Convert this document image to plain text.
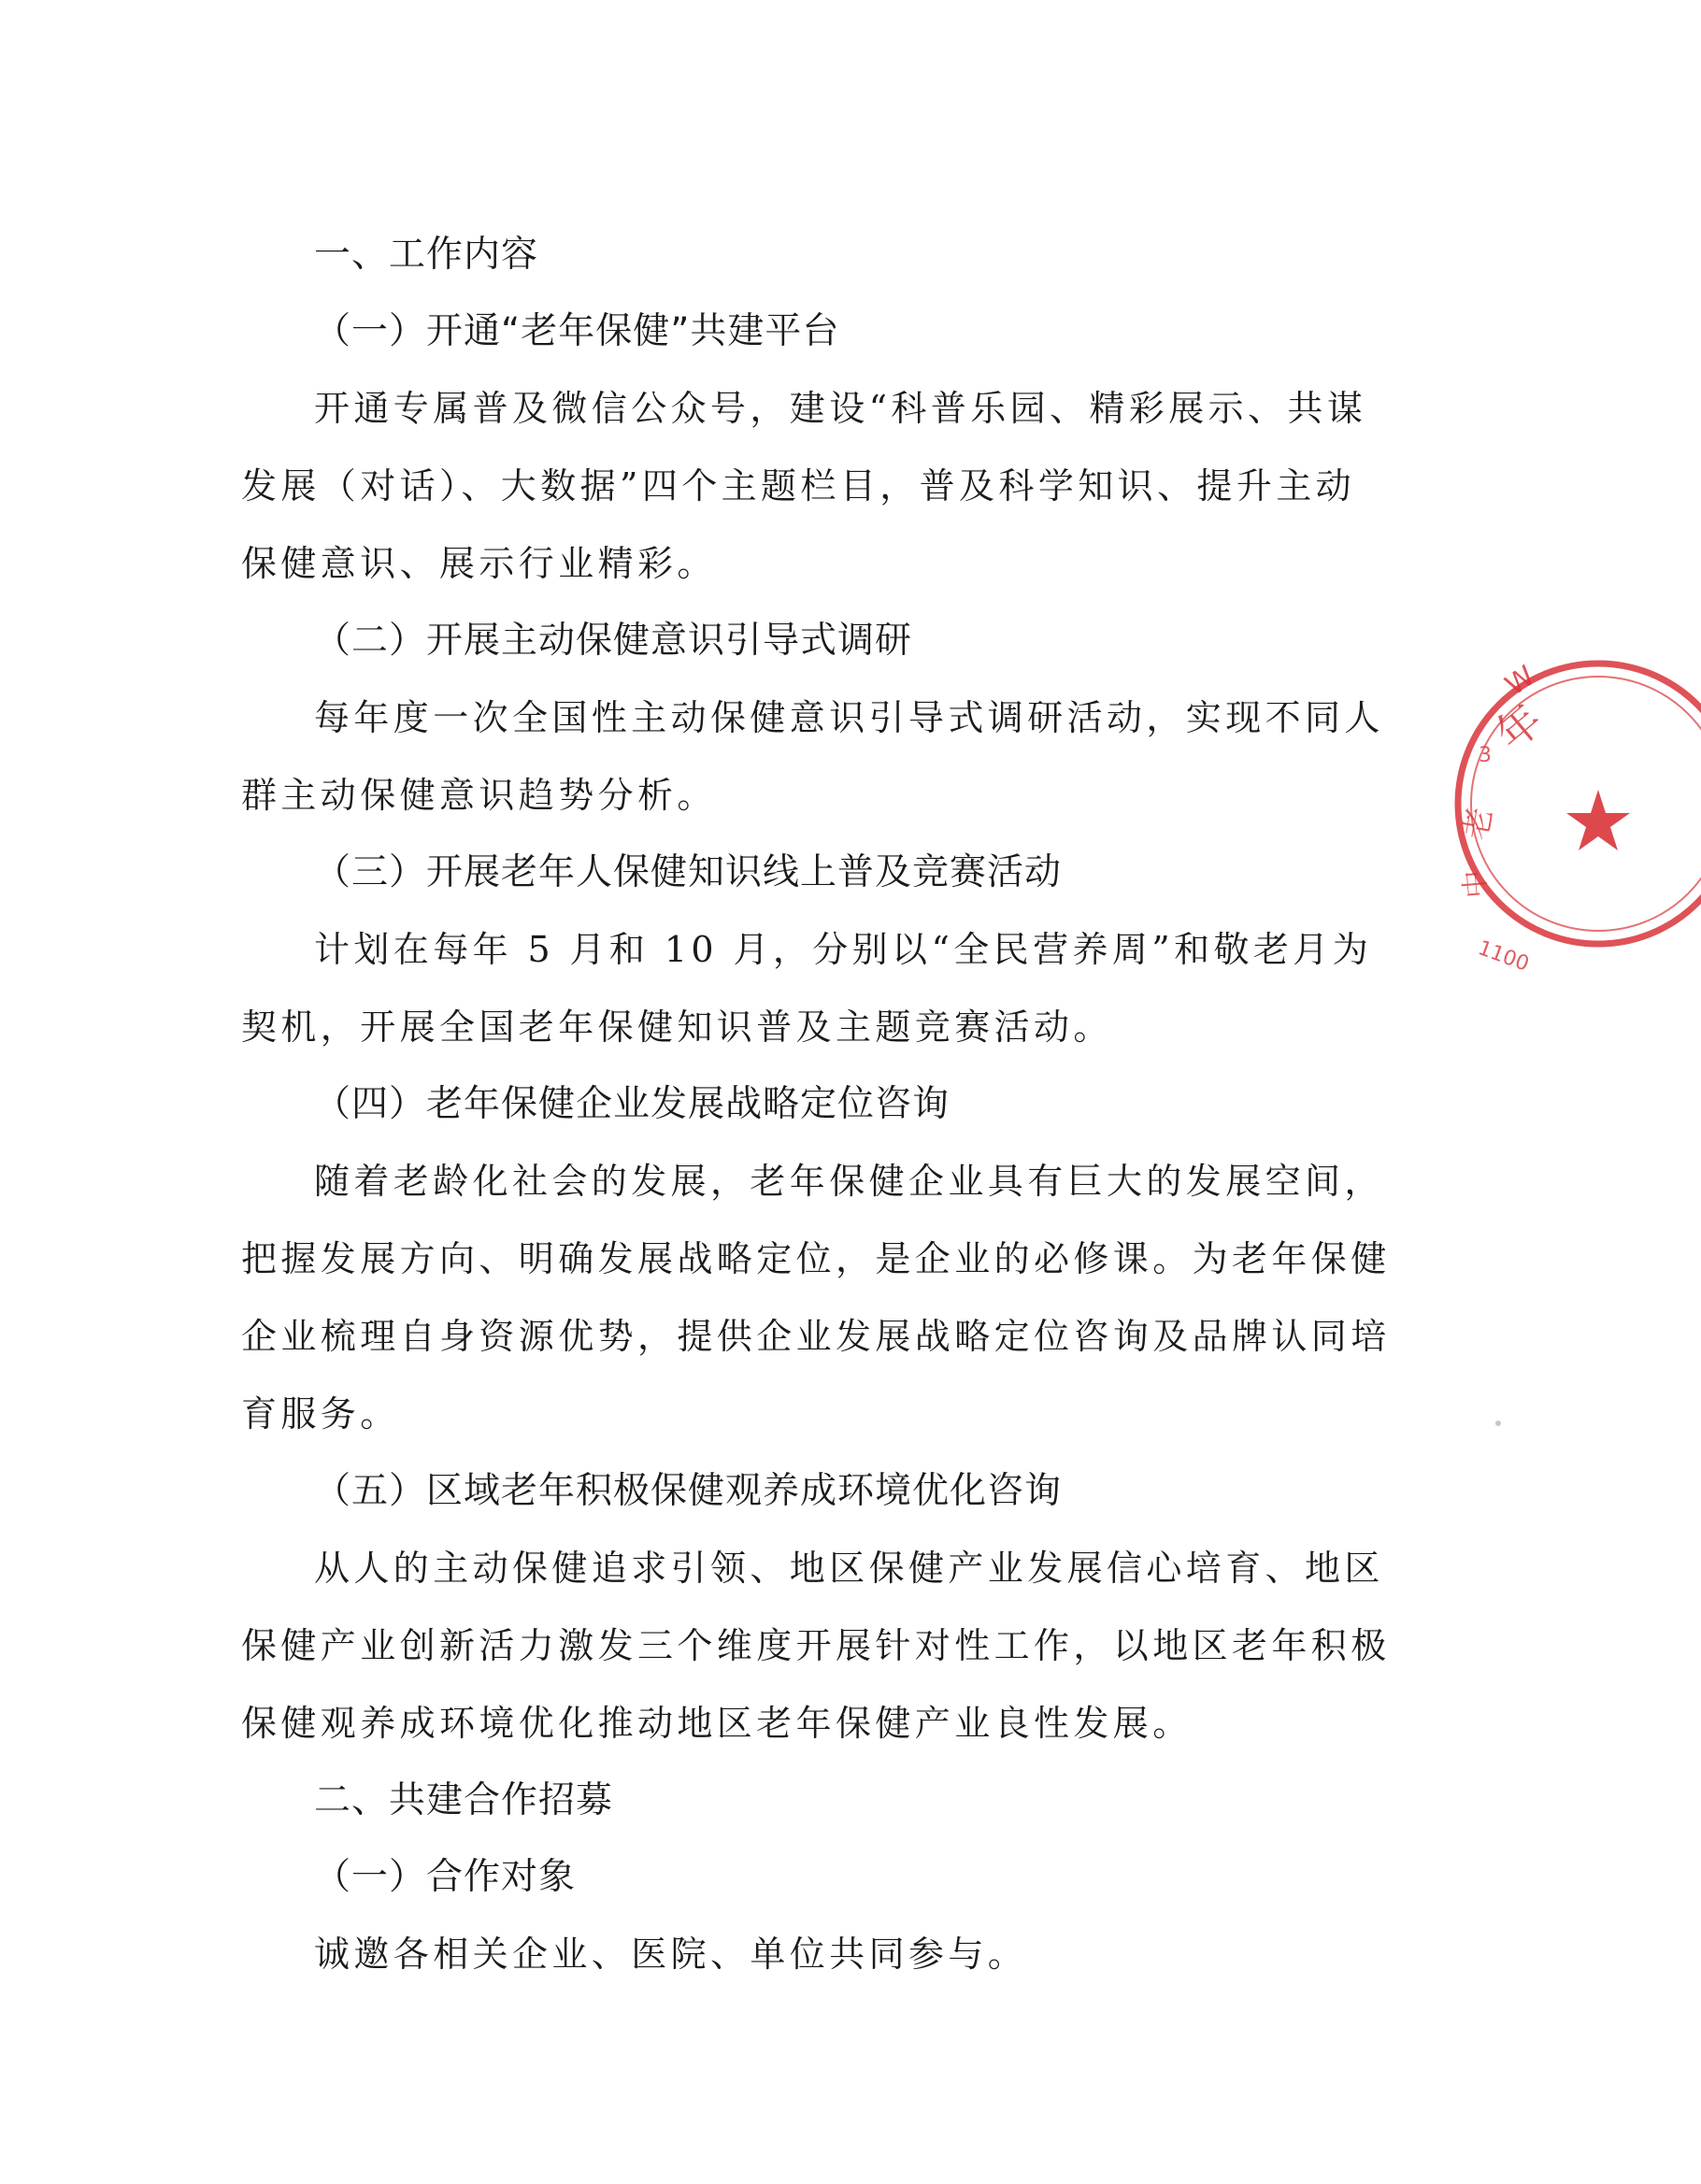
一、工作内容
（一）开通“老年保健”共建平台
开通专属普及微信公众号，建设“科普乐园、精彩展示、共谋
发展（对话）、大数据”四个主题栏目，普及科学知识、提升主动
保健意识、展示行业精彩。
（二）开展主动保健意识引导式调研
每年度一次全国性主动保健意识引导式调研活动，实现不同人
群主动保健意识趋势分析。
（三）开展老年人保健知识线上普及竞赛活动
计划在每年 5 月和 10 月，分别以“全民营养周”和敬老月为
契机，开展全国老年保健知识普及主题竞赛活动。
（四）老年保健企业发展战略定位咨询
随着老龄化社会的发展，老年保健企业具有巨大的发展空间，
把握发展方向、明确发展战略定位，是企业的必修课。为老年保健
企业梳理自身资源优势，提供企业发展战略定位咨询及品牌认同培
育服务。
（五）区域老年积极保健观养成环境优化咨询
从人的主动保健追求引领、地区保健产业发展信心培育、地区
保健产业创新活力激发三个维度开展针对性工作，以地区老年积极
保健观养成环境优化推动地区老年保健产业良性发展。
二、共建合作招募
（一）合作对象
诚邀各相关企业、医院、单位共同参与。
W
3
年
老
中
1100
